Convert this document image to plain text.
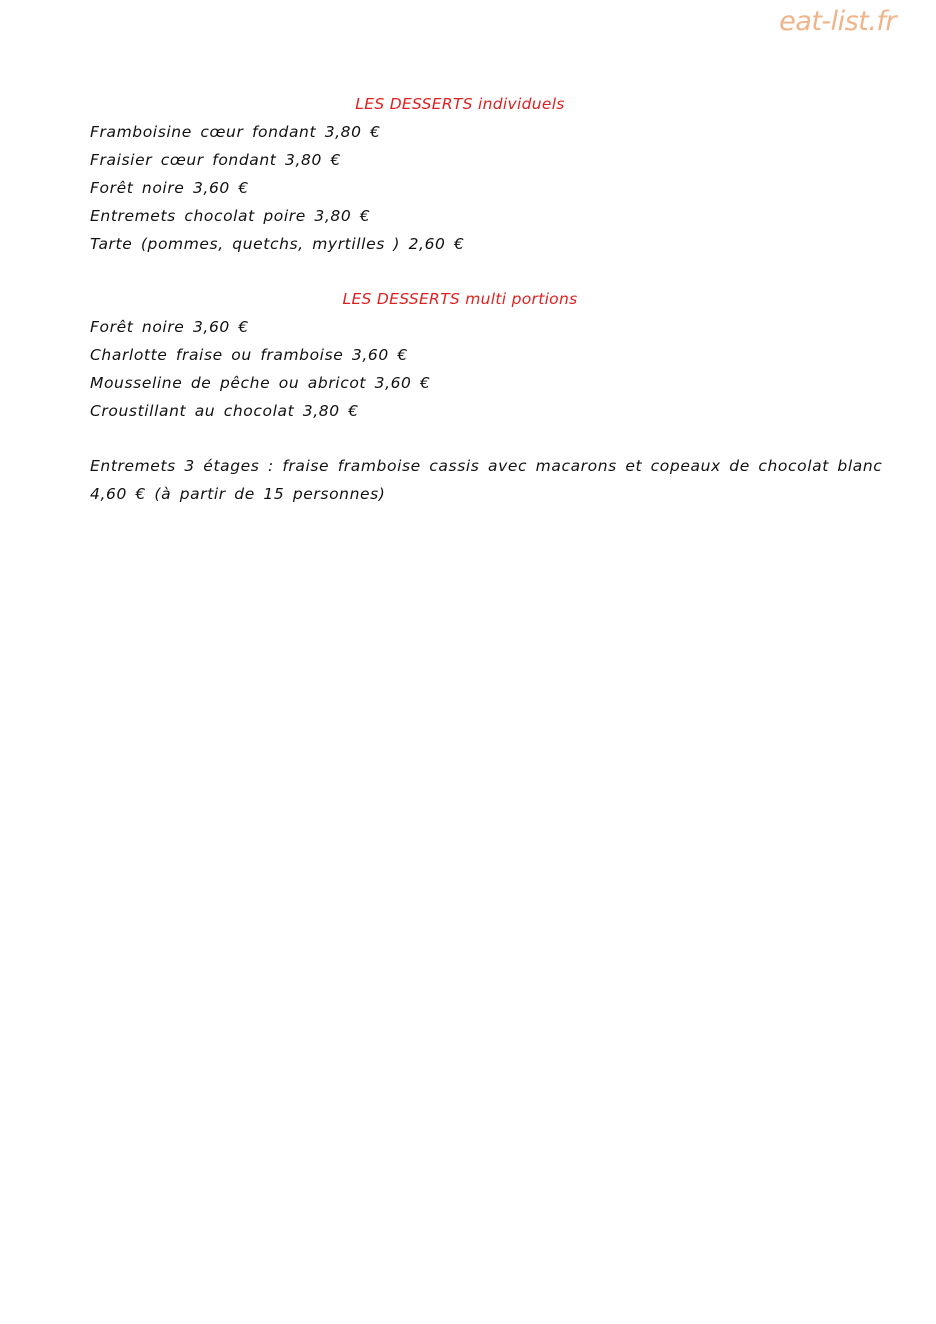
eat-list.fr
LES DESSERTS individuels
Framboisine cœur fondant 3,80 €
Fraisier cœur fondant 3,80 €
Forêt noire 3,60 €
Entremets chocolat poire 3,80 €
Tarte (pommes, quetchs, myrtilles ) 2,60 €
LES DESSERTS multi portions
Forêt noire 3,60 €
Charlotte fraise ou framboise 3,60 €
Mousseline de pêche ou abricot 3,60 €
Croustillant au chocolat 3,80 €
Entremets 3 étages : fraise framboise cassis avec macarons et copeaux de chocolat blanc
4,60 € (à partir de 15 personnes)
